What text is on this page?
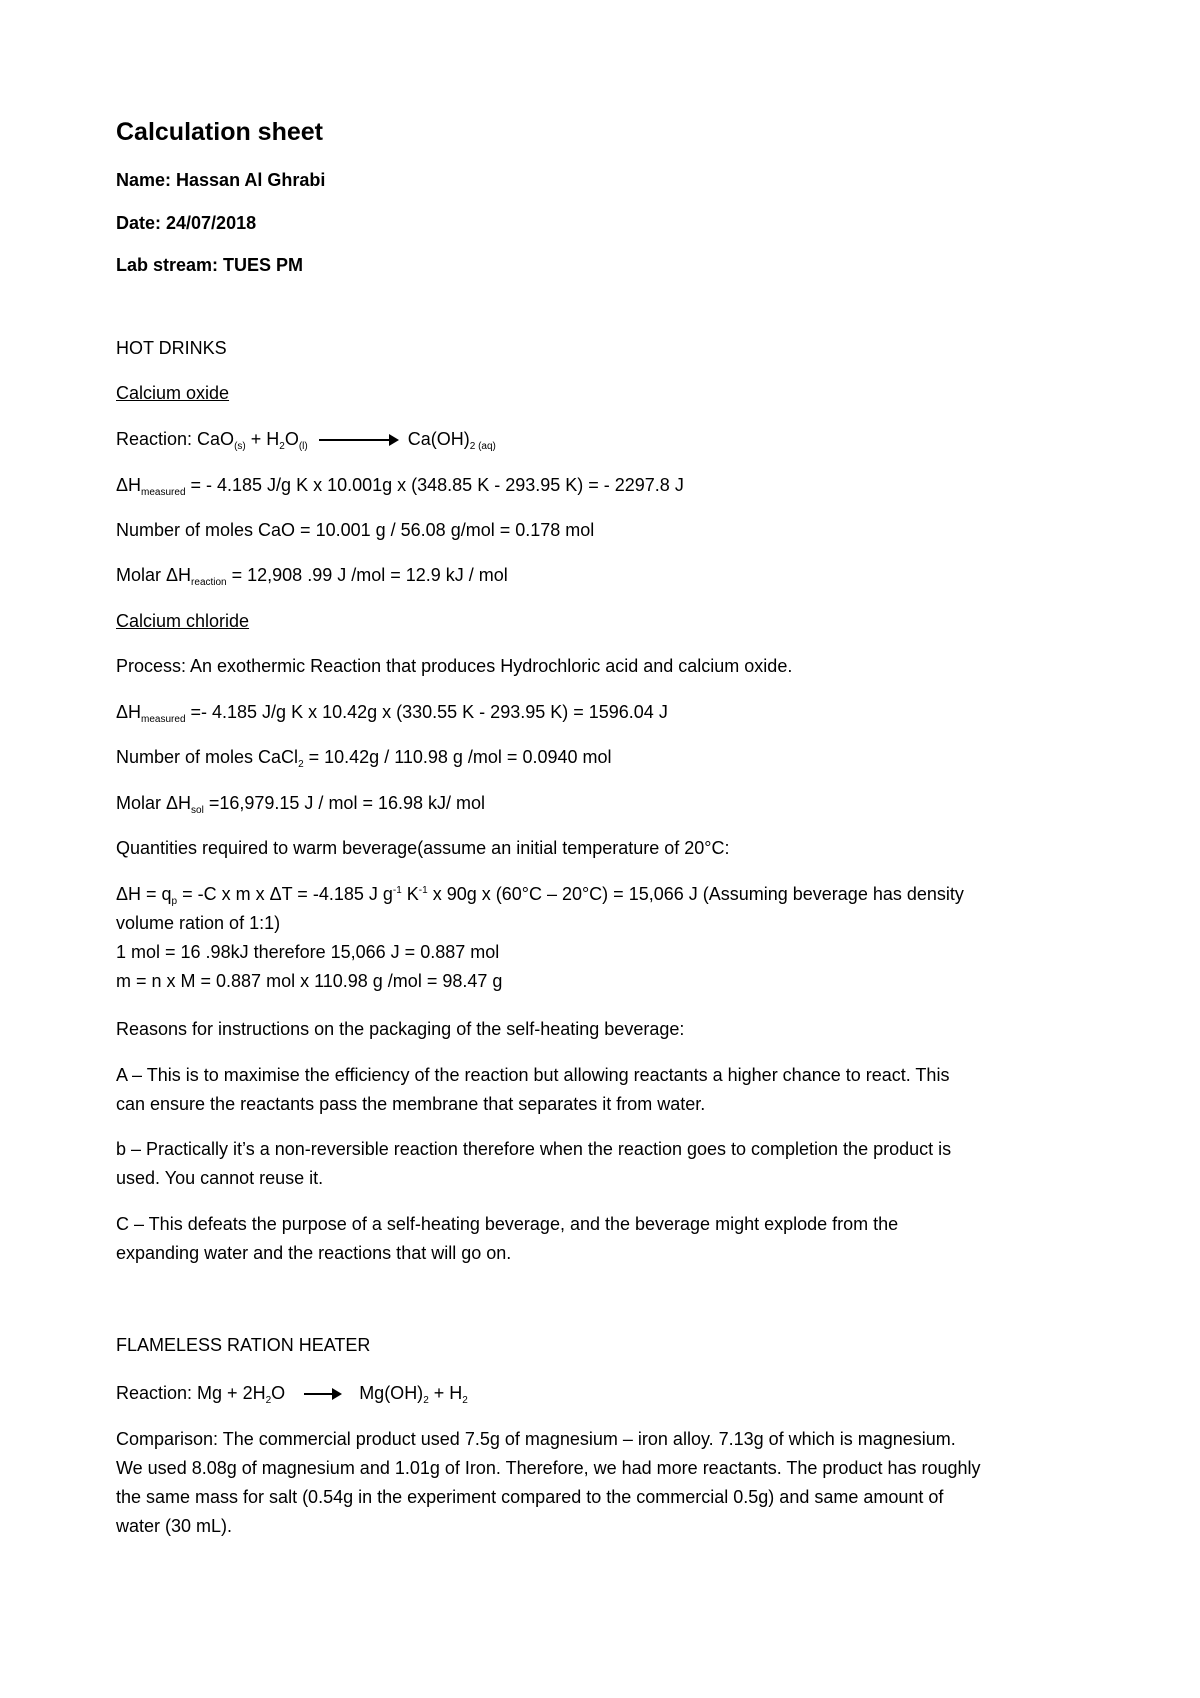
Calculation sheet
Name: Hassan Al Ghrabi
Date: 24/07/2018
Lab stream: TUES PM
HOT DRINKS
Calcium oxide
Reaction: $CaO_{(s)} + H_2O_{(l)}$	$Ca(OH)_{2 (aq)}$
$\Delta H_{measured}$ = - 4.185 J/g K x 10.001g x (348.85 K - 293.95 K) = - 2297.8 J
Number of moles CaO = 10.001 g / 56.08 g/mol = 0.178 mol
Molar $\Delta H_{reaction} = 12,908$ .99 J /mol = 12.9 kJ / mol
Calcium chloride
Process: An exothermic Reaction that produces Hydrochloric acid and calcium oxide.
$\Delta H_{measured} =- 4.185$ J/g K x 10.42g x (330.55 K - 293.95 K) = 1596.04 J
Number of moles CaCl$_2$ = 10.42g / 110.98 g /mol = 0.0940 mol
Molar $\Delta H_{sol} =16,979.15$ J / mol = 16.98 kJ/ mol
Quantities required to warm beverage(assume an initial temperature of 20°C:
$\Delta H = q_p = -C$ x m x ΔT = -4.185 J $g^{-1}$ $K^{-1}$ x 90g x (60°C – 20°C) = 15,066 J (Assuming beverage has density
volume ration of 1:1)
1 mol = 16 .98kJ therefore 15,066 J = 0.887 mol
m = n x M = 0.887 mol x 110.98 g /mol = 98.47 g
Reasons for instructions on the packaging of the self-heating beverage:
A – This is to maximise the efficiency of the reaction but allowing reactants a higher chance to react. This
can ensure the reactants pass the membrane that separates it from water.
b – Practically it’s a non-reversible reaction therefore when the reaction goes to completion the product is
used. You cannot reuse it.
C – This defeats the purpose of a self-heating beverage, and the beverage might explode from the
expanding water and the reactions that will go on.
FLAMELESS RATION HEATER
Reaction: $Mg + 2H_2O$	$Mg(OH)_2 + H_2$
Comparison: The commercial product used 7.5g of magnesium – iron alloy. 7.13g of which is magnesium.
We used 8.08g of magnesium and 1.01g of Iron. Therefore, we had more reactants. The product has roughly
the same mass for salt (0.54g in the experiment compared to the commercial 0.5g) and same amount of
water (30 mL).
